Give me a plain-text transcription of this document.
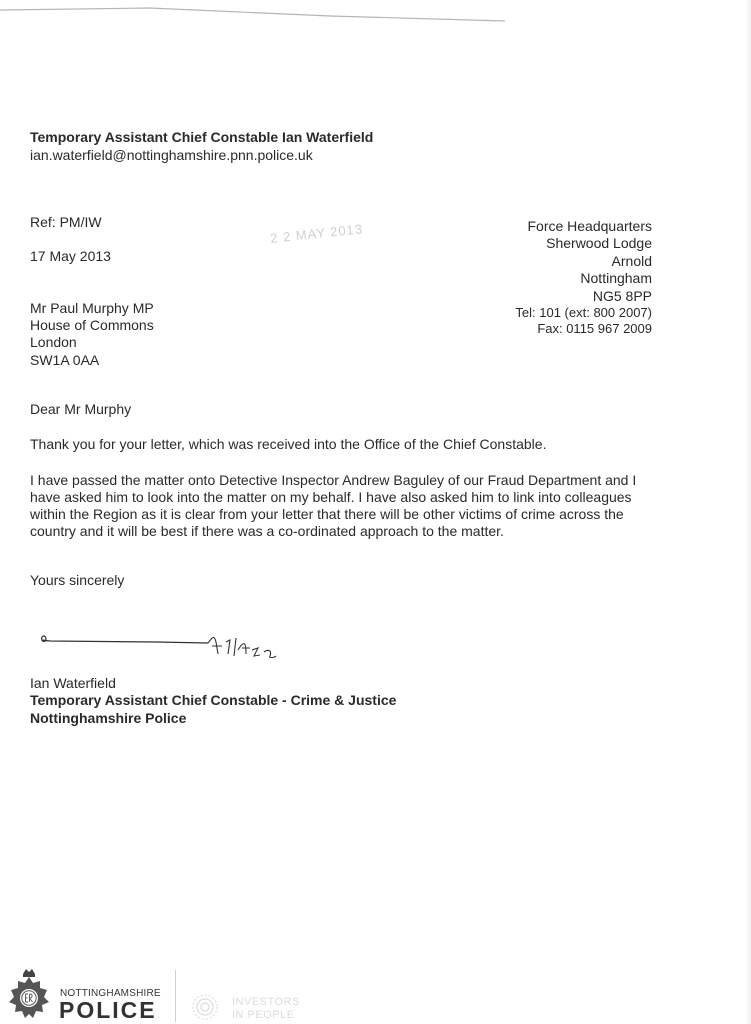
Temporary Assistant Chief Constable Ian Waterfield
ian.waterfield@nottinghamshire.pnn.police.uk
Ref: PM/IW
17 May 2013
2 2 MAY 2013	Force Headquarters
Sherwood Lodge
Arnold
Nottingham
NG5 8PP
Tel: 101 (ext: 800 2007)
Fax: 0115 967 2009
Mr Paul Murphy MP
House of Commons
London
SW1A 0AA

Dear Mr Murphy

Thank you for your letter, which was received into the Office of the Chief Constable.

I have passed the matter onto Detective Inspector Andrew Baguley of our Fraud Department and I have asked him to look into the matter on my behalf. I have also asked him to link into colleagues within the Region as it is clear from your letter that there will be other victims of crime across the country and it will be best if there was a co-ordinated approach to the matter.

Yours sincerely

Ian Waterfield
Temporary Assistant Chief Constable - Crime & Justice
Nottinghamshire Police
NOTTINGHAMSHIRE
POLICE	INVESTORS
IN PEOPLE
